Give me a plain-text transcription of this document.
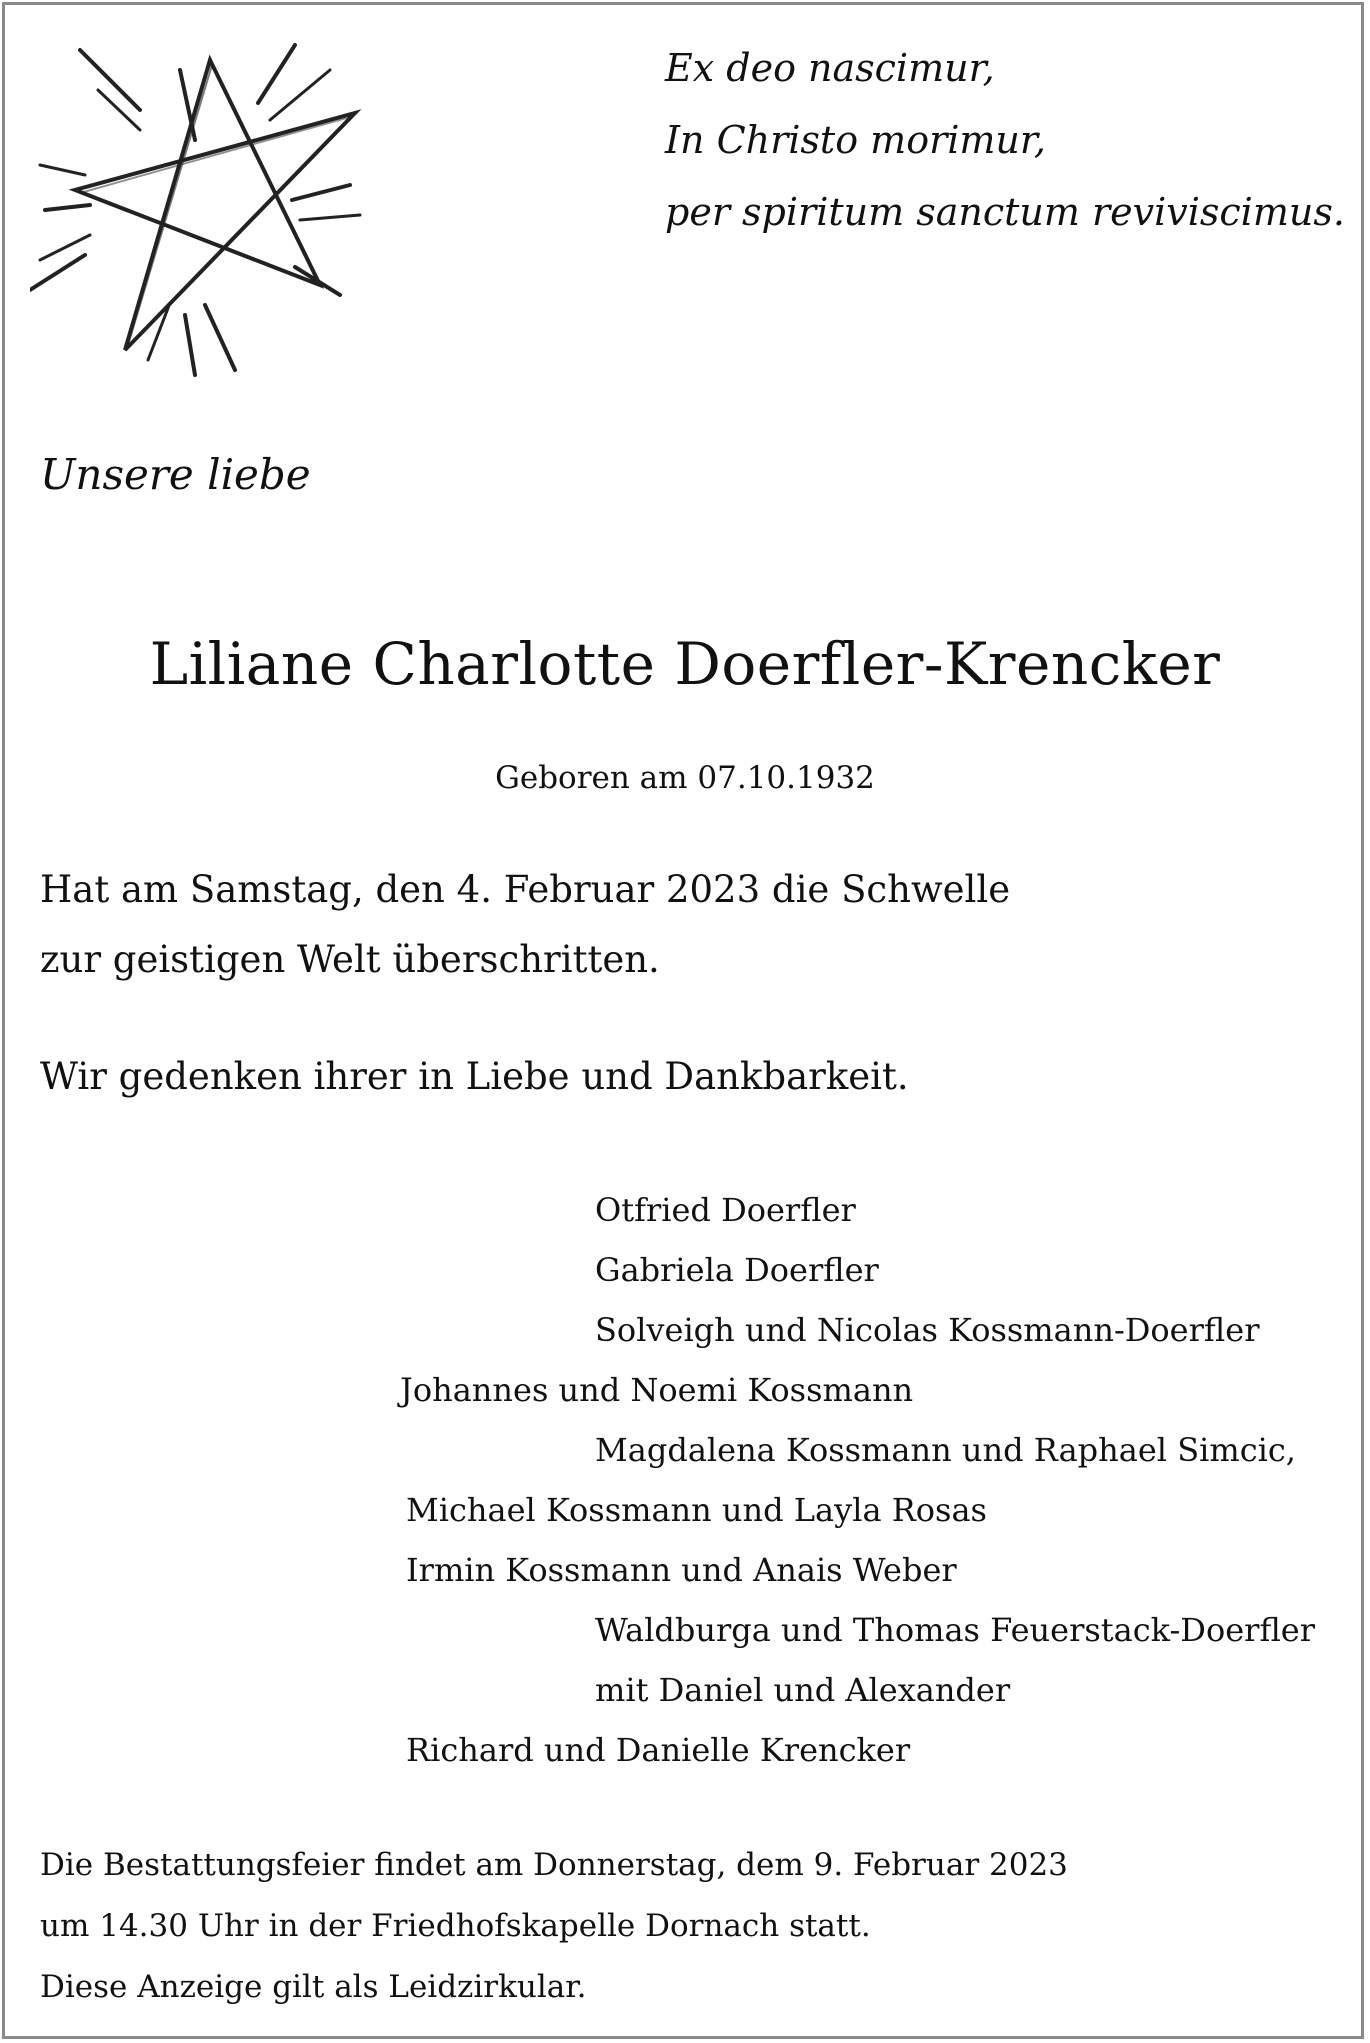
Ex deo nascimur,
In Christo morimur,
per spiritum sanctum reviviscimus.
Unsere liebe
Liliane Charlotte Doerfler-Krencker
Geboren am 07.10.1932
Hat am Samstag, den 4. Februar 2023 die Schwelle
zur geistigen Welt überschritten.
Wir gedenken ihrer in Liebe und Dankbarkeit.
Otfried Doerfler
Gabriela Doerfler
Solveigh und Nicolas Kossmann-Doerfler
Johannes und Noemi Kossmann
Magdalena Kossmann und Raphael Simcic,
Michael Kossmann und Layla Rosas
Irmin Kossmann und Anais Weber
Waldburga und Thomas Feuerstack-Doerfler
mit Daniel und Alexander
Richard und Danielle Krencker
Die Bestattungsfeier findet am Donnerstag, dem 9. Februar 2023
um 14.30 Uhr in der Friedhofskapelle Dornach statt.
Diese Anzeige gilt als Leidzirkular.
